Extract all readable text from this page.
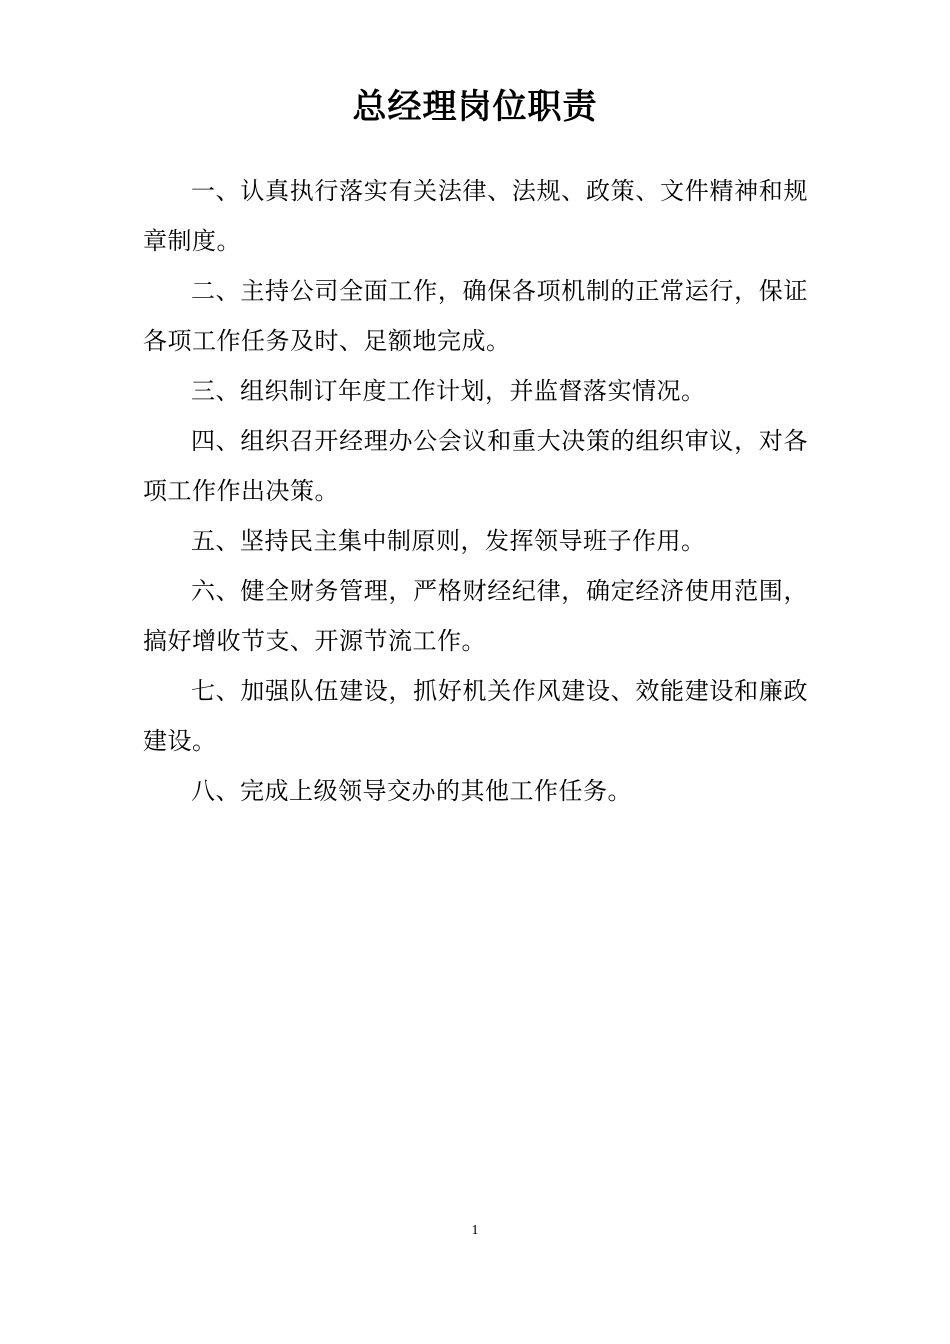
总经理岗位职责

一、认真执行落实有关法律、法规、政策、文件精神和规章制度。

二、主持公司全面工作，确保各项机制的正常运行，保证各项工作任务及时、足额地完成。

三、组织制订年度工作计划，并监督落实情况。

四、组织召开经理办公会议和重大决策的组织审议，对各项工作作出决策。

五、坚持民主集中制原则，发挥领导班子作用。

六、健全财务管理，严格财经纪律，确定经济使用范围，搞好增收节支、开源节流工作。

七、加强队伍建设，抓好机关作风建设、效能建设和廉政建设。

八、完成上级领导交办的其他工作任务。

1
